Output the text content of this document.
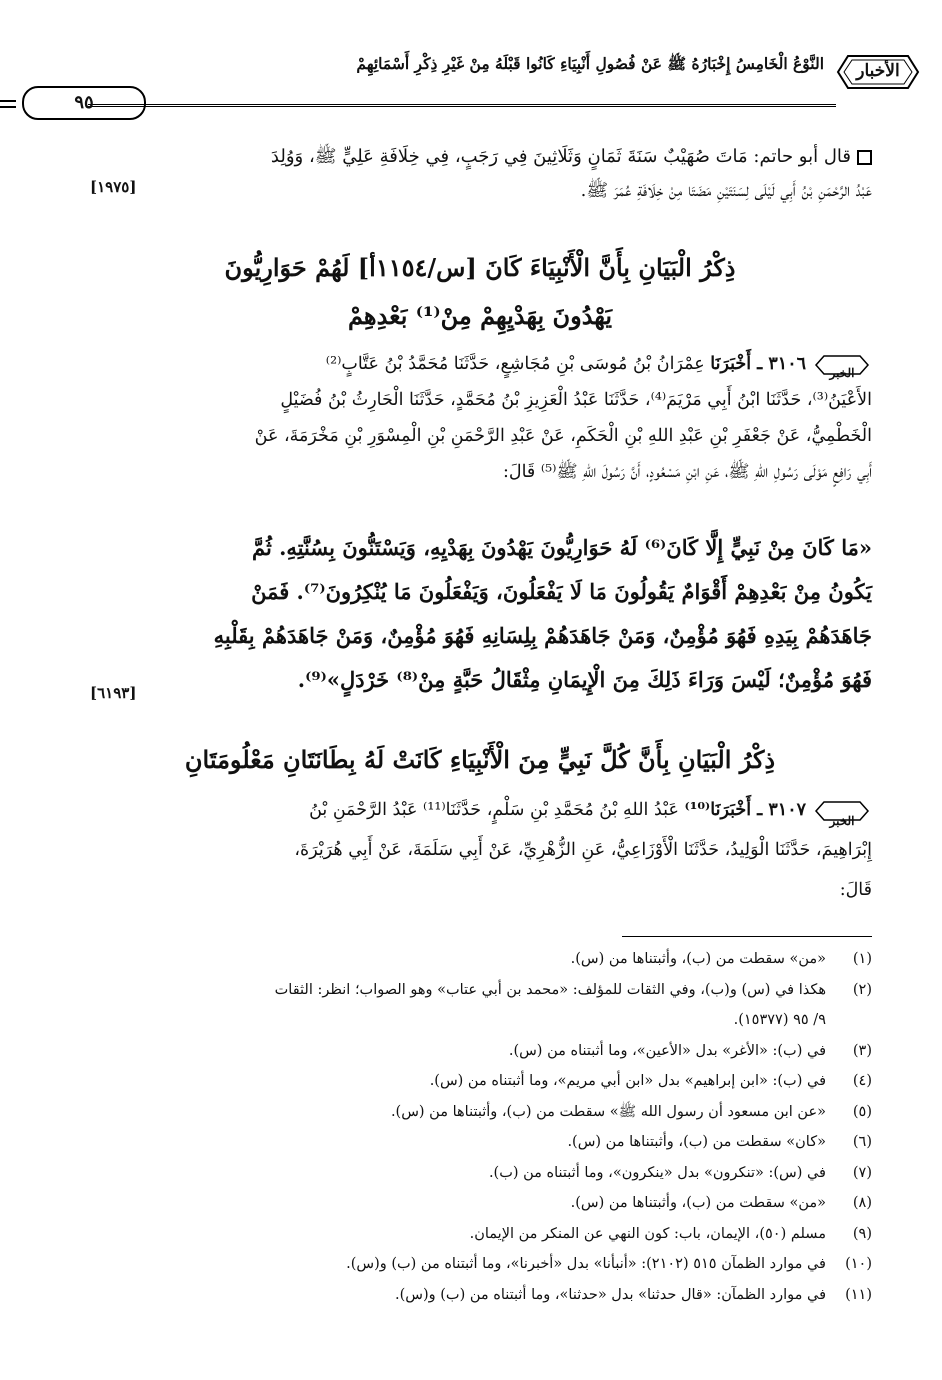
الأخبار
النَّوْعُ الْخَامِسُ إِخْبَارُهُ ﷺ عَنْ فُصُولِ أَنْبِيَاءِ كَانُوا قَبْلَهُ مِنْ غَيْرِ ذِكْرِ أَسْمَائِهِمْ
٩٥
قال أبو حاتم: مَاتَ صُهَيْبٌ سَنَةَ ثَمَانٍ وَثَلَاثِينَ فِي رَجَبٍ، فِي خِلَافَةِ عَلِيٍّ ﷺ، وَوُلِدَ
عَبْدُ الرَّحْمَنِ بْنُ أَبِي لَيْلَى لِسَنَتَيْنِ مَضَتَا مِنْ خِلَافَةِ عُمَرَ ﷺ.
[١٩٧٥]
ذِكْرُ الْبَيَانِ بِأَنَّ الْأَنْبِيَاءَ كَانَ [س/١١٥٤أ] لَهُمْ حَوَارِيُّونَ
يَهْدُونَ بِهَدْيِهِمْ مِنْ⁽¹⁾ بَعْدِهِمْ
الخبر
٣١٠٦ ـ أَخْبَرَنَا عِمْرَانُ بْنُ مُوسَى بْنِ مُجَاشِعٍ، حَدَّثَنَا مُحَمَّدُ بْنُ عَتَّابٍ⁽²⁾
الأَعْيَنُ⁽³⁾، حَدَّثَنَا ابْنُ أَبِي مَرْيَمَ⁽⁴⁾، حَدَّثَنَا عَبْدُ الْعَزِيزِ بْنُ مُحَمَّدٍ، حَدَّثَنَا الْحَارِثُ بْنُ فُضَيْلٍ
الْخَطْمِيُّ، عَنْ جَعْفَرِ بْنِ عَبْدِ اللهِ بْنِ الْحَكَمِ، عَنْ عَبْدِ الرَّحْمَنِ بْنِ الْمِسْوَرِ بْنِ مَخْرَمَةَ، عَنْ
أَبِي رَافِعٍ مَوْلَى رَسُولِ اللهِ ﷺ، عَنِ ابْنِ مَسْعُودٍ، أَنَّ رَسُولَ اللهِ ﷺ⁽⁵⁾ قَالَ:
«مَا كَانَ مِنْ نَبِيٍّ إِلَّا كَانَ⁽⁶⁾ لَهُ حَوَارِيُّونَ يَهْدُونَ بِهَدْيِهِ، وَيَسْتَنُّونَ بِسُنَّتِهِ. ثُمَّ
يَكُونُ مِنْ بَعْدِهِمْ أَقْوَامٌ يَقُولُونَ مَا لَا يَفْعَلُونَ، وَيَفْعَلُونَ مَا يُنْكِرُونَ⁽⁷⁾. فَمَنْ
جَاهَدَهُمْ بِيَدِهِ فَهُوَ مُؤْمِنٌ، وَمَنْ جَاهَدَهُمْ بِلِسَانِهِ فَهُوَ مُؤْمِنٌ، وَمَنْ جَاهَدَهُمْ بِقَلْبِهِ
فَهُوَ مُؤْمِنٌ؛ لَيْسَ وَرَاءَ ذَلِكَ مِنَ الْإِيمَانِ مِثْقَالُ حَبَّةٍ مِنْ⁽⁸⁾ خَرْدَلٍ»⁽⁹⁾.
[٦١٩٣]
ذِكْرُ الْبَيَانِ بِأَنَّ كُلَّ نَبِيٍّ مِنَ الْأَنْبِيَاءِ كَانَتْ لَهُ بِطَانَتَانِ مَعْلُومَتَانِ
الخبر
٣١٠٧ ـ أَخْبَرَنَا⁽¹⁰⁾ عَبْدُ اللهِ بْنُ مُحَمَّدِ بْنِ سَلْمٍ، حَدَّثَنَا⁽¹¹⁾ عَبْدُ الرَّحْمَنِ بْنُ
إِبْرَاهِيمَ، حَدَّثَنَا الْوَلِيدُ، حَدَّثَنَا الْأَوْزَاعِيُّ، عَنِ الزُّهْرِيِّ، عَنْ أَبِي سَلَمَةَ، عَنْ أَبِي هُرَيْرَةَ،
قَالَ:
(١)
«من» سقطت من (ب)، وأثبتناها من (س).
(٢)
هكذا في (س) و(ب)، وفي الثقات للمؤلف: «محمد بن أبي عتاب» وهو الصواب؛ انظر: الثقات
٩/ ٩٥ (١٥٣٧٧).
(٣)
في (ب): «الأغر» بدل «الأعين»، وما أثبتناه من (س).
(٤)
في (ب): «ابن إبراهيم» بدل «ابن أبي مريم»، وما أثبتناه من (س).
(٥)
«عن ابن مسعود أن رسول الله ﷺ» سقطت من (ب)، وأثبتناها من (س).
(٦)
«كان» سقطت من (ب)، وأثبتناها من (س).
(٧)
في (س): «تنكرون» بدل «ينكرون»، وما أثبتناه من (ب).
(٨)
«من» سقطت من (ب)، وأثبتناها من (س).
(٩)
مسلم (٥٠)، الإيمان، باب: كون النهي عن المنكر من الإيمان.
(١٠)
في موارد الظمآن ٥١٥ (٢١٠٢): «أنبأنا» بدل «أخبرنا»، وما أثبتناه من (ب) و(س).
(١١)
في موارد الظمآن: «قال حدثنا» بدل «حدثنا»، وما أثبتناه من (ب) و(س).
